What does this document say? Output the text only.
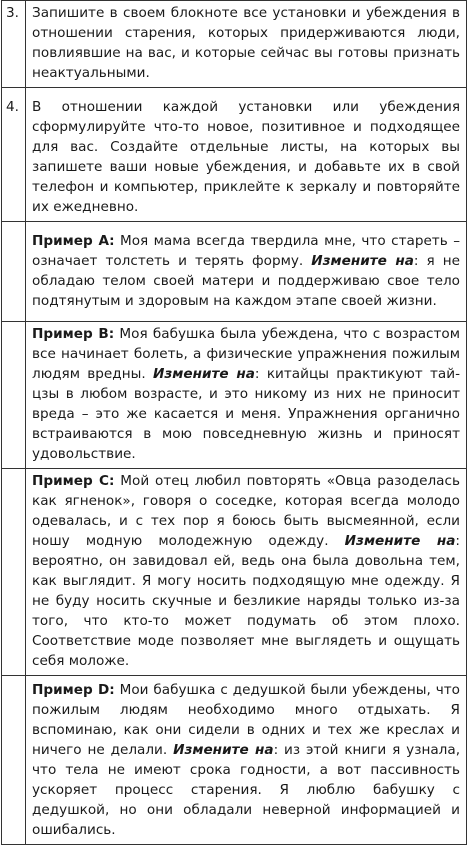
3.	Запишите в своем блокноте все установки и убеждения в отношении старения, которых придерживаются люди, повлиявшие на вас, и которые сейчас вы готовы признать неактуальными.
4.	В отношении каждой установки или убеждения сформулируйте что-то новое, позитивное и подходящее для вас. Создайте отдельные листы, на которых вы запишете ваши новые убеждения, и добавьте их в свой телефон и компьютер, приклейте к зеркалу и повторяйте их ежедневно.
	Пример А: Моя мама всегда твердила мне, что стареть – означает толстеть и терять форму. Измените на: я не обладаю телом своей матери и поддерживаю свое тело подтянутым и здоровым на каждом этапе своей жизни.
	Пример В: Моя бабушка была убеждена, что с возрастом все начинает болеть, а физические упражнения пожилым людям вредны. Измените на: китайцы практикуют тай-цзы в любом возрасте, и это никому из них не приносит вреда – это же касается и меня. Упражнения органично встраиваются в мою повседневную жизнь и приносят удовольствие.
	Пример С: Мой отец любил повторять «Овца разоделась как ягненок», говоря о соседке, которая всегда молодо одевалась, и с тех пор я боюсь быть высмеянной, если ношу модную молодежную одежду. Измените на: вероятно, он завидовал ей, ведь она была довольна тем, как выглядит. Я могу носить подходящую мне одежду. Я не буду носить скучные и безликие наряды только из-за того, что кто-то может подумать об этом плохо. Соответствие моде позволяет мне выглядеть и ощущать себя моложе.
	Пример D: Мои бабушка с дедушкой были убеждены, что пожилым людям необходимо много отдыхать. Я вспоминаю, как они сидели в одних и тех же креслах и ничего не делали. Измените на: из этой книги я узнала, что тела не имеют срока годности, а вот пассивность ускоряет процесс старения. Я люблю бабушку с дедушкой, но они обладали неверной информацией и ошибались.
